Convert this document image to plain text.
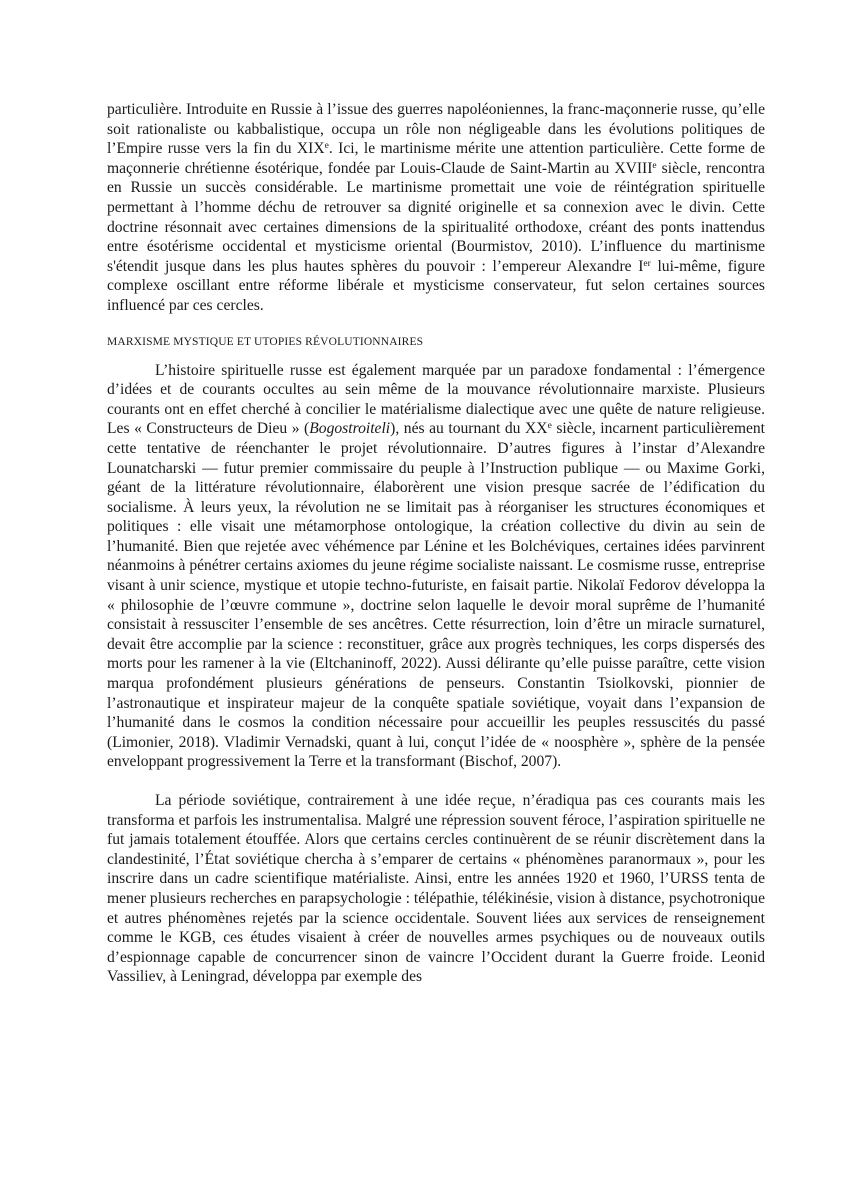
particulière. Introduite en Russie à l’issue des guerres napoléoniennes, la franc-maçonnerie russe, qu’elle soit rationaliste ou kabbalistique, occupa un rôle non négligeable dans les évolutions politiques de l’Empire russe vers la fin du XIXe. Ici, le martinisme mérite une attention particulière. Cette forme de maçonnerie chrétienne ésotérique, fondée par Louis-Claude de Saint-Martin au XVIIIe siècle, rencontra en Russie un succès considérable. Le martinisme promettait une voie de réintégration spirituelle permettant à l’homme déchu de retrouver sa dignité originelle et sa connexion avec le divin. Cette doctrine résonnait avec certaines dimensions de la spiritualité orthodoxe, créant des ponts inattendus entre ésotérisme occidental et mysticisme oriental (Bourmistov, 2010). L’influence du martinisme s'étendit jusque dans les plus hautes sphères du pouvoir : l’empereur Alexandre Ier lui-même, figure complexe oscillant entre réforme libérale et mysticisme conservateur, fut selon certaines sources influencé par ces cercles.

MARXISME MYSTIQUE ET UTOPIES RÉVOLUTIONNAIRES

L’histoire spirituelle russe est également marquée par un paradoxe fondamental : l’émergence d’idées et de courants occultes au sein même de la mouvance révolutionnaire marxiste. Plusieurs courants ont en effet cherché à concilier le matérialisme dialectique avec une quête de nature religieuse. Les « Constructeurs de Dieu » (Bogostroiteli), nés au tournant du XXe siècle, incarnent particulièrement cette tentative de réenchanter le projet révolutionnaire. D’autres figures à l’instar d’Alexandre Lounatcharski — futur premier commissaire du peuple à l’Instruction publique — ou Maxime Gorki, géant de la littérature révolutionnaire, élaborèrent une vision presque sacrée de l’édification du socialisme. À leurs yeux, la révolution ne se limitait pas à réorganiser les structures économiques et politiques : elle visait une métamorphose ontologique, la création collective du divin au sein de l’humanité. Bien que rejetée avec véhémence par Lénine et les Bolchéviques, certaines idées parvinrent néanmoins à pénétrer certains axiomes du jeune régime socialiste naissant. Le cosmisme russe, entreprise visant à unir science, mystique et utopie techno-futuriste, en faisait partie. Nikolaï Fedorov développa la « philosophie de l’œuvre commune », doctrine selon laquelle le devoir moral suprême de l’humanité consistait à ressusciter l’ensemble de ses ancêtres. Cette résurrection, loin d’être un miracle surnaturel, devait être accomplie par la science : reconstituer, grâce aux progrès techniques, les corps dispersés des morts pour les ramener à la vie (Eltchaninoff, 2022). Aussi délirante qu’elle puisse paraître, cette vision marqua profondément plusieurs générations de penseurs. Constantin Tsiolkovski, pionnier de l’astronautique et inspirateur majeur de la conquête spatiale soviétique, voyait dans l’expansion de l’humanité dans le cosmos la condition nécessaire pour accueillir les peuples ressuscités du passé (Limonier, 2018). Vladimir Vernadski, quant à lui, conçut l’idée de « noosphère », sphère de la pensée enveloppant progressivement la Terre et la transformant (Bischof, 2007).

La période soviétique, contrairement à une idée reçue, n’éradiqua pas ces courants mais les transforma et parfois les instrumentalisa. Malgré une répression souvent féroce, l’aspiration spirituelle ne fut jamais totalement étouffée. Alors que certains cercles continuèrent de se réunir discrètement dans la clandestinité, l’État soviétique chercha à s’emparer de certains « phénomènes paranormaux », pour les inscrire dans un cadre scientifique matérialiste. Ainsi, entre les années 1920 et 1960, l’URSS tenta de mener plusieurs recherches en parapsychologie : télépathie, télékinésie, vision à distance, psychotronique et autres phénomènes rejetés par la science occidentale. Souvent liées aux services de renseignement comme le KGB, ces études visaient à créer de nouvelles armes psychiques ou de nouveaux outils d’espionnage capable de concurrencer sinon de vaincre l’Occident durant la Guerre froide. Leonid Vassiliev, à Leningrad, développa par exemple des
